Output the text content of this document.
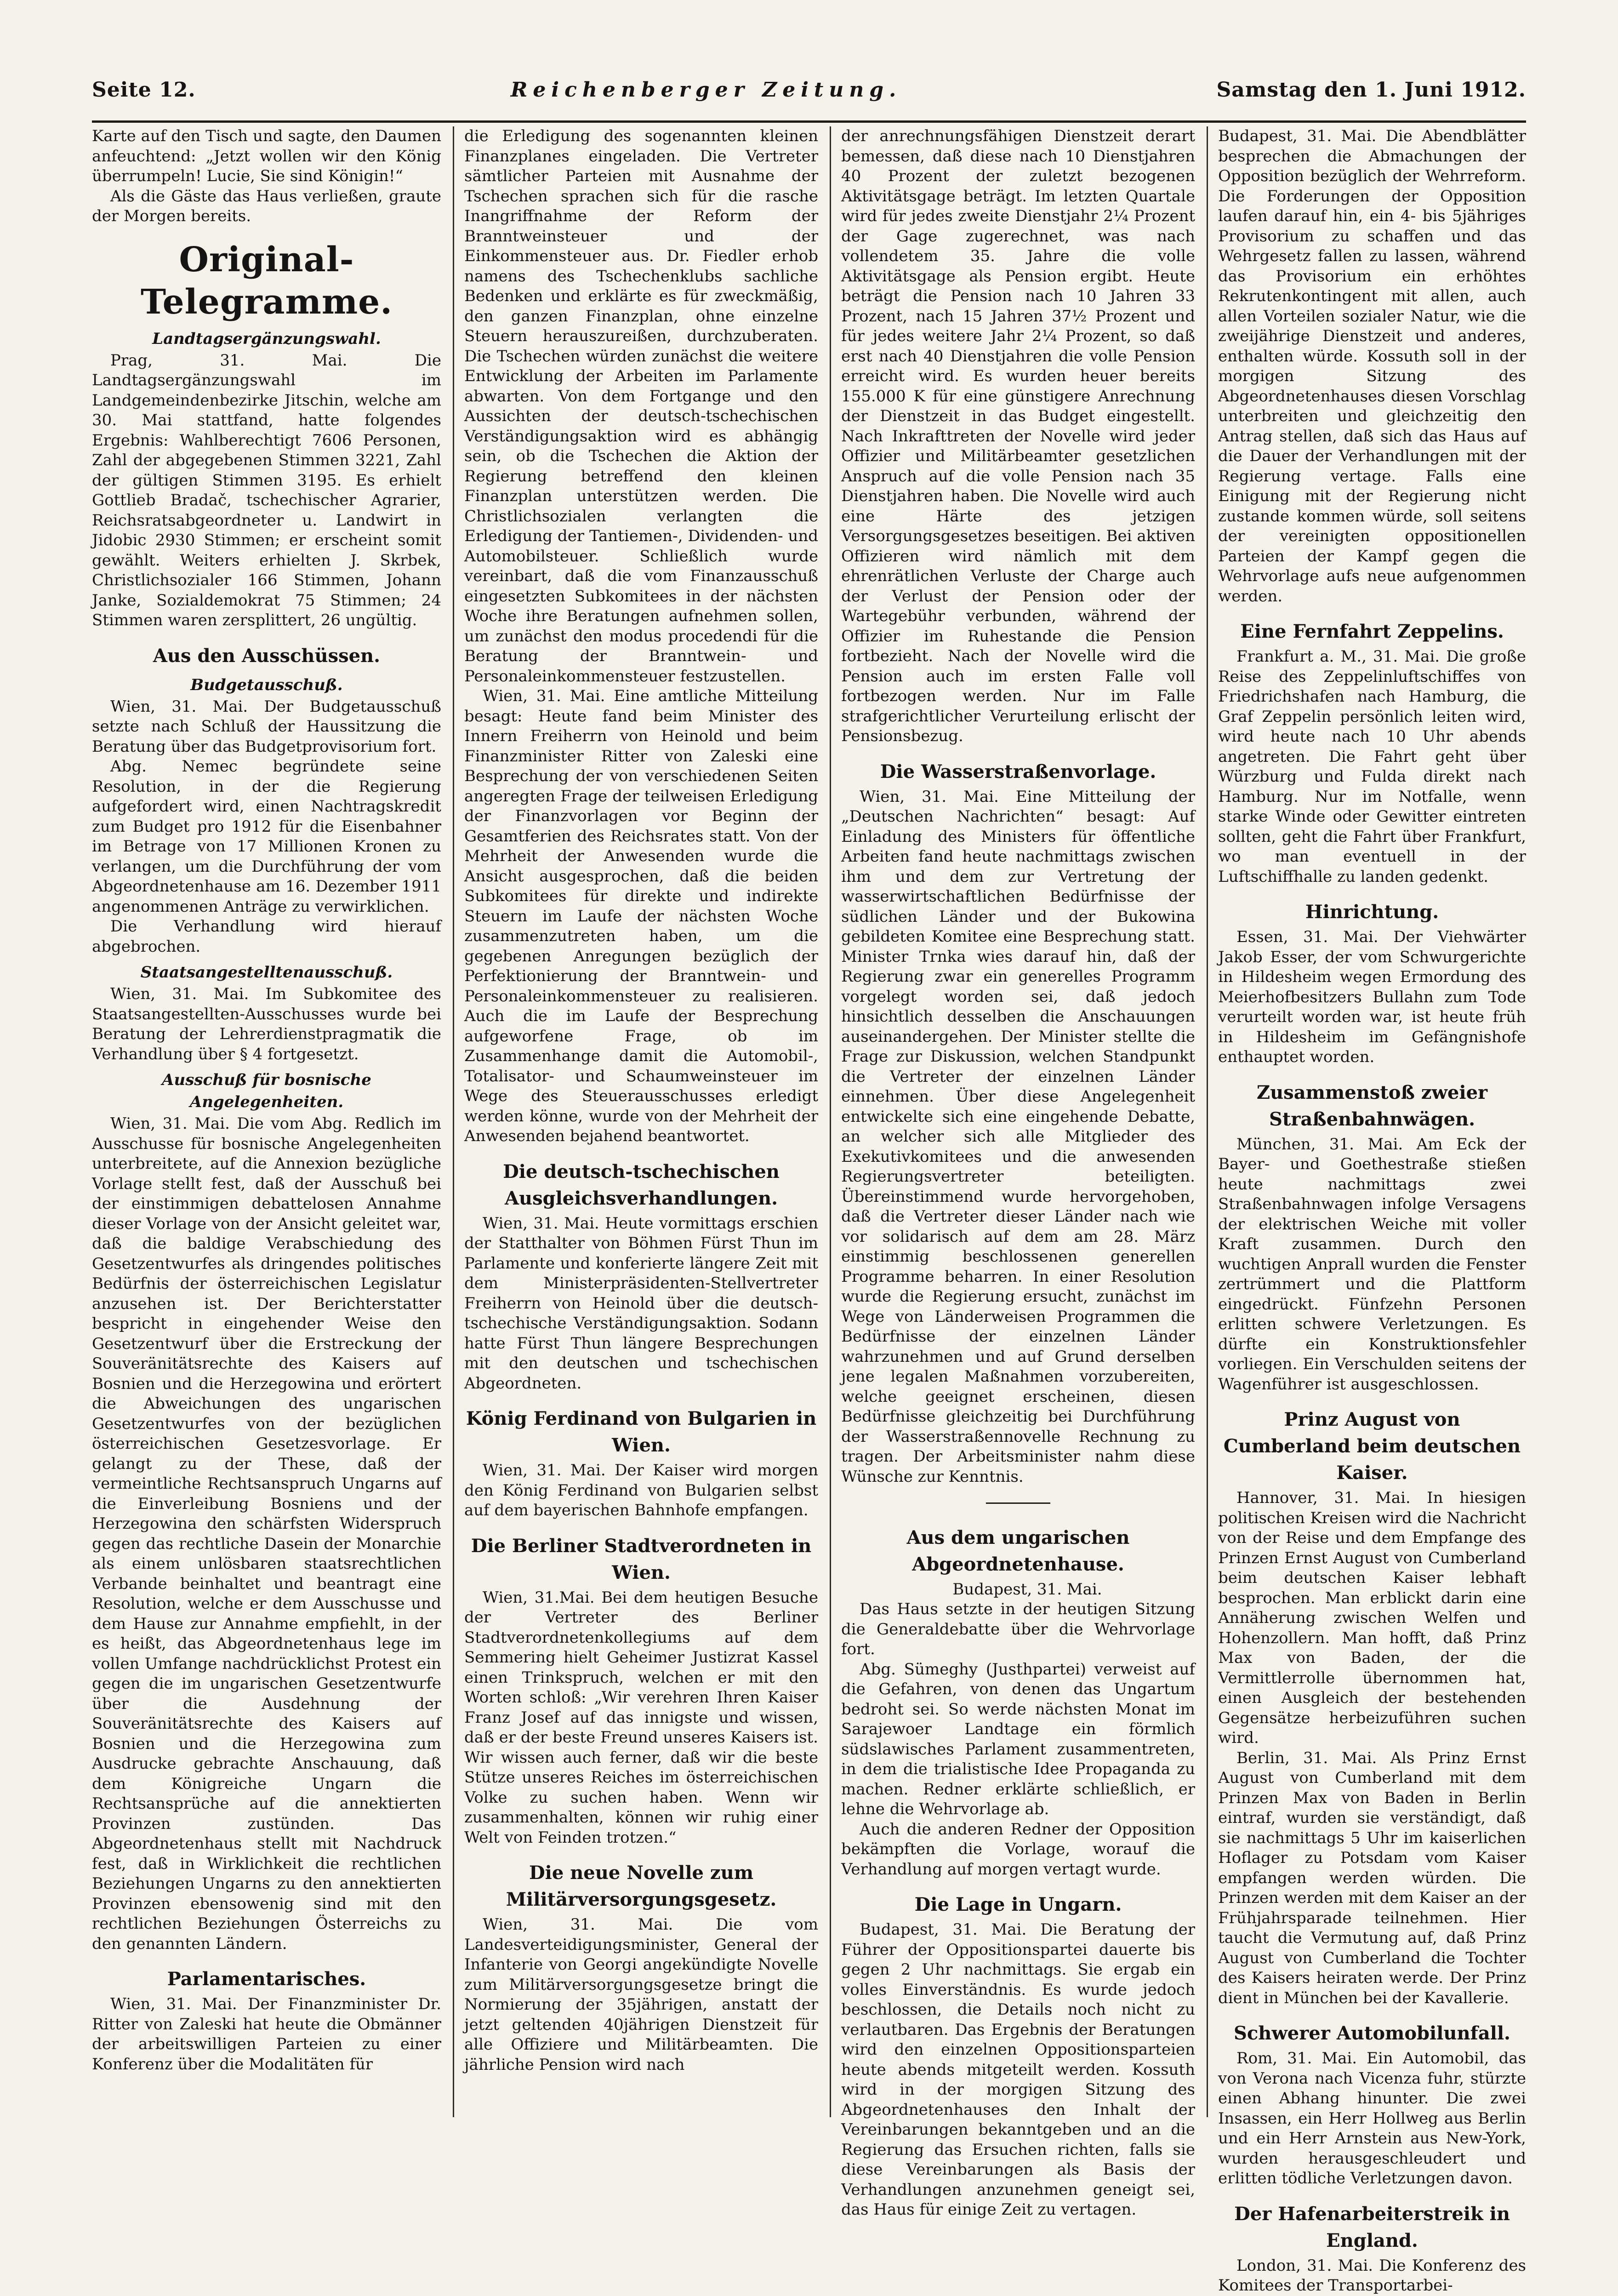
Seite 12.	Reichenberger Zeitung.	Samstag den 1. Juni 1912.

Karte auf den Tisch und sagte, den Daumen anfeuchtend: „Jetzt wollen wir den König überrumpeln! Lucie, Sie sind Königin!“

Als die Gäste das Haus verließen, graute der Morgen bereits.

Original-Telegramme.
Landtagsergänzungswahl.

Prag, 31. Mai. Die Landtagsergänzungswahl im Landgemeindenbezirke Jitschin, welche am 30. Mai stattfand, hatte folgendes Ergebnis: Wahlberechtigt 7606 Personen, Zahl der abgegebenen Stimmen 3221, Zahl der gültigen Stimmen 3195. Es erhielt Gottlieb Bradač, tschechischer Agrarier, Reichsratsabgeordneter u. Landwirt in Jidobic 2930 Stimmen; er erscheint somit gewählt. Weiters erhielten J. Skrbek, Christlichsozialer 166 Stimmen, Johann Janke, Sozialdemokrat 75 Stimmen; 24 Stimmen waren zersplittert, 26 ungültig.

Aus den Ausschüssen.
Budgetausschuß.

Wien, 31. Mai. Der Budgetausschuß setzte nach Schluß der Haussitzung die Beratung über das Budgetprovisorium fort.

Abg. Nemec begründete seine Resolution, in der die Regierung aufgefordert wird, einen Nachtragskredit zum Budget pro 1912 für die Eisenbahner im Betrage von 17 Millionen Kronen zu verlangen, um die Durchführung der vom Abgeordnetenhause am 16. Dezember 1911 angenommenen Anträge zu verwirklichen.

Die Verhandlung wird hierauf abgebrochen.

Staatsangestelltenausschuß.

Wien, 31. Mai. Im Subkomitee des Staatsangestellten-Ausschusses wurde bei Beratung der Lehrerdienstpragmatik die Verhandlung über § 4 fortgesetzt.

Ausschuß für bosnische Angelegenheiten.

Wien, 31. Mai. Die vom Abg. Redlich im Ausschusse für bosnische Angelegenheiten unterbreitete, auf die Annexion bezügliche Vorlage stellt fest, daß der Ausschuß bei der einstimmigen debattelosen Annahme dieser Vorlage von der Ansicht geleitet war, daß die baldige Verabschiedung des Gesetzentwurfes als dringendes politisches Bedürfnis der österreichischen Legislatur anzusehen ist. Der Berichterstatter bespricht in eingehender Weise den Gesetzentwurf über die Erstreckung der Souveränitätsrechte des Kaisers auf Bosnien und die Herzegowina und erörtert die Abweichungen des ungarischen Gesetzentwurfes von der bezüglichen österreichischen Gesetzesvorlage. Er gelangt zu der These, daß der vermeintliche Rechtsanspruch Ungarns auf die Einverleibung Bosniens und der Herzegowina den schärfsten Widerspruch gegen das rechtliche Dasein der Monarchie als einem unlösbaren staatsrechtlichen Verbande beinhaltet und beantragt eine Resolution, welche er dem Ausschusse und dem Hause zur Annahme empfiehlt, in der es heißt, das Abgeordnetenhaus lege im vollen Umfange nachdrücklichst Protest ein gegen die im ungarischen Gesetzentwurfe über die Ausdehnung der Souveränitätsrechte des Kaisers auf Bosnien und die Herzegowina zum Ausdrucke gebrachte Anschauung, daß dem Königreiche Ungarn die Rechtsansprüche auf die annektierten Provinzen zustünden. Das Abgeordnetenhaus stellt mit Nachdruck fest, daß in Wirklichkeit die rechtlichen Beziehungen Ungarns zu den annektierten Provinzen ebensowenig sind mit den rechtlichen Beziehungen Österreichs zu den genannten Ländern.

Parlamentarisches.

Wien, 31. Mai. Der Finanzminister Dr. Ritter von Zaleski hat heute die Obmänner der arbeitswilligen Parteien zu einer Konferenz über die Modalitäten für

die Erledigung des sogenannten kleinen Finanzplanes eingeladen. Die Vertreter sämtlicher Parteien mit Ausnahme der Tschechen sprachen sich für die rasche Inangriffnahme der Reform der Branntweinsteuer und der Einkommensteuer aus. Dr. Fiedler erhob namens des Tschechenklubs sachliche Bedenken und erklärte es für zweckmäßig, den ganzen Finanzplan, ohne einzelne Steuern herauszureißen, durchzuberaten. Die Tschechen würden zunächst die weitere Entwicklung der Arbeiten im Parlamente abwarten. Von dem Fortgange und den Aussichten der deutsch-tschechischen Verständigungsaktion wird es abhängig sein, ob die Tschechen die Aktion der Regierung betreffend den kleinen Finanzplan unterstützen werden. Die Christlichsozialen verlangten die Erledigung der Tantiemen-, Dividenden- und Automobilsteuer. Schließlich wurde vereinbart, daß die vom Finanzausschuß eingesetzten Subkomitees in der nächsten Woche ihre Beratungen aufnehmen sollen, um zunächst den modus procedendi für die Beratung der Branntwein- und Personaleinkommensteuer festzustellen.

Wien, 31. Mai. Eine amtliche Mitteilung besagt: Heute fand beim Minister des Innern Freiherrn von Heinold und beim Finanzminister Ritter von Zaleski eine Besprechung der von verschiedenen Seiten angeregten Frage der teilweisen Erledigung der Finanzvorlagen vor Beginn der Gesamtferien des Reichsrates statt. Von der Mehrheit der Anwesenden wurde die Ansicht ausgesprochen, daß die beiden Subkomitees für direkte und indirekte Steuern im Laufe der nächsten Woche zusammenzutreten haben, um die gegebenen Anregungen bezüglich der Perfektionierung der Branntwein- und Personaleinkommensteuer zu realisieren. Auch die im Laufe der Besprechung aufgeworfene Frage, ob im Zusammenhange damit die Automobil-, Totalisator- und Schaumweinsteuer im Wege des Steuerausschusses erledigt werden könne, wurde von der Mehrheit der Anwesenden bejahend beantwortet.

Die deutsch-tschechischen Ausgleichsverhandlungen.

Wien, 31. Mai. Heute vormittags erschien der Statthalter von Böhmen Fürst Thun im Parlamente und konferierte längere Zeit mit dem Ministerpräsidenten-Stellvertreter Freiherrn von Heinold über die deutsch-tschechische Verständigungsaktion. Sodann hatte Fürst Thun längere Besprechungen mit den deutschen und tschechischen Abgeordneten.

König Ferdinand von Bulgarien in Wien.

Wien, 31. Mai. Der Kaiser wird morgen den König Ferdinand von Bulgarien selbst auf dem bayerischen Bahnhofe empfangen.

Die Berliner Stadtverordneten in Wien.

Wien, 31.Mai. Bei dem heutigen Besuche der Vertreter des Berliner Stadtverordnetenkollegiums auf dem Semmering hielt Geheimer Justizrat Kassel einen Trinkspruch, welchen er mit den Worten schloß: „Wir verehren Ihren Kaiser Franz Josef auf das innigste und wissen, daß er der beste Freund unseres Kaisers ist. Wir wissen auch ferner, daß wir die beste Stütze unseres Reiches im österreichischen Volke zu suchen haben. Wenn wir zusammenhalten, können wir ruhig einer Welt von Feinden trotzen.“

Die neue Novelle zum Militärversorgungsgesetz.

Wien, 31. Mai. Die vom Landesverteidigungsminister, General der Infanterie von Georgi angekündigte Novelle zum Militärversorgungsgesetze bringt die Normierung der 35jährigen, anstatt der jetzt geltenden 40jährigen Dienstzeit für alle Offiziere und Militärbeamten. Die jährliche Pension wird nach

der anrechnungsfähigen Dienstzeit derart bemessen, daß diese nach 10 Dienstjahren 40 Prozent der zuletzt bezogenen Aktivitätsgage beträgt. Im letzten Quartale wird für jedes zweite Dienstjahr 2¼ Prozent der Gage zugerechnet, was nach vollendetem 35. Jahre die volle Aktivitätsgage als Pension ergibt. Heute beträgt die Pension nach 10 Jahren 33 Prozent, nach 15 Jahren 37½ Prozent und für jedes weitere Jahr 2¼ Prozent, so daß erst nach 40 Dienstjahren die volle Pension erreicht wird. Es wurden heuer bereits 155.000 K für eine günstigere Anrechnung der Dienstzeit in das Budget eingestellt. Nach Inkrafttreten der Novelle wird jeder Offizier und Militärbeamter gesetzlichen Anspruch auf die volle Pension nach 35 Dienstjahren haben. Die Novelle wird auch eine Härte des jetzigen Versorgungsgesetzes beseitigen. Bei aktiven Offizieren wird nämlich mit dem ehrenrätlichen Verluste der Charge auch der Verlust der Pension oder der Wartegebühr verbunden, während der Offizier im Ruhestande die Pension fortbezieht. Nach der Novelle wird die Pension auch im ersten Falle voll fortbezogen werden. Nur im Falle strafgerichtlicher Verurteilung erlischt der Pensionsbezug.

Die Wasserstraßenvorlage.

Wien, 31. Mai. Eine Mitteilung der „Deutschen Nachrichten“ besagt: Auf Einladung des Ministers für öffentliche Arbeiten fand heute nachmittags zwischen ihm und dem zur Vertretung der wasserwirtschaftlichen Bedürfnisse der südlichen Länder und der Bukowina gebildeten Komitee eine Besprechung statt. Minister Trnka wies darauf hin, daß der Regierung zwar ein generelles Programm vorgelegt worden sei, daß jedoch hinsichtlich desselben die Anschauungen auseinandergehen. Der Minister stellte die Frage zur Diskussion, welchen Standpunkt die Vertreter der einzelnen Länder einnehmen. Über diese Angelegenheit entwickelte sich eine eingehende Debatte, an welcher sich alle Mitglieder des Exekutivkomitees und die anwesenden Regierungsvertreter beteiligten. Übereinstimmend wurde hervorgehoben, daß die Vertreter dieser Länder nach wie vor solidarisch auf dem am 28. März einstimmig beschlossenen generellen Programme beharren. In einer Resolution wurde die Regierung ersucht, zunächst im Wege von Länderweisen Programmen die Bedürfnisse der einzelnen Länder wahrzunehmen und auf Grund derselben jene legalen Maßnahmen vorzubereiten, welche geeignet erscheinen, diesen Bedürfnisse gleichzeitig bei Durchführung der Wasserstraßennovelle Rechnung zu tragen. Der Arbeitsminister nahm diese Wünsche zur Kenntnis.

Aus dem ungarischen Abgeordnetenhause.

Budapest, 31. Mai.

Das Haus setzte in der heutigen Sitzung die Generaldebatte über die Wehrvorlage fort.

Abg. Sümeghy (Justhpartei) verweist auf die Gefahren, von denen das Ungartum bedroht sei. So werde nächsten Monat im Sarajewoer Landtage ein förmlich südslawisches Parlament zusammentreten, in dem die trialistische Idee Propaganda zu machen. Redner erklärte schließlich, er lehne die Wehrvorlage ab.

Auch die anderen Redner der Opposition bekämpften die Vorlage, worauf die Verhandlung auf morgen vertagt wurde.

Die Lage in Ungarn.

Budapest, 31. Mai. Die Beratung der Führer der Oppositionspartei dauerte bis gegen 2 Uhr nachmittags. Sie ergab ein volles Einverständnis. Es wurde jedoch beschlossen, die Details noch nicht zu verlautbaren. Das Ergebnis der Beratungen wird den einzelnen Oppositionsparteien heute abends mitgeteilt werden. Kossuth wird in der morgigen Sitzung des Abgeordnetenhauses den Inhalt der Vereinbarungen bekanntgeben und an die Regierung das Ersuchen richten, falls sie diese Vereinbarungen als Basis der Verhandlungen anzunehmen geneigt sei, das Haus für einige Zeit zu vertagen.

Budapest, 31. Mai. Die Abendblätter besprechen die Abmachungen der Opposition bezüglich der Wehrreform. Die Forderungen der Opposition laufen darauf hin, ein 4- bis 5jähriges Provisorium zu schaffen und das Wehrgesetz fallen zu lassen, während das Provisorium ein erhöhtes Rekrutenkontingent mit allen, auch allen Vorteilen sozialer Natur, wie die zweijährige Dienstzeit und anderes, enthalten würde. Kossuth soll in der morgigen Sitzung des Abgeordnetenhauses diesen Vorschlag unterbreiten und gleichzeitig den Antrag stellen, daß sich das Haus auf die Dauer der Verhandlungen mit der Regierung vertage. Falls eine Einigung mit der Regierung nicht zustande kommen würde, soll seitens der vereinigten oppositionellen Parteien der Kampf gegen die Wehrvorlage aufs neue aufgenommen werden.

Eine Fernfahrt Zeppelins.

Frankfurt a. M., 31. Mai. Die große Reise des Zeppelinluftschiffes von Friedrichshafen nach Hamburg, die Graf Zeppelin persönlich leiten wird, wird heute nach 10 Uhr abends angetreten. Die Fahrt geht über Würzburg und Fulda direkt nach Hamburg. Nur im Notfalle, wenn starke Winde oder Gewitter eintreten sollten, geht die Fahrt über Frankfurt, wo man eventuell in der Luftschiffhalle zu landen gedenkt.

Hinrichtung.

Essen, 31. Mai. Der Viehwärter Jakob Esser, der vom Schwurgerichte in Hildesheim wegen Ermordung des Meierhofbesitzers Bullahn zum Tode verurteilt worden war, ist heute früh in Hildesheim im Gefängnishofe enthauptet worden.

Zusammenstoß zweier Straßenbahnwägen.

München, 31. Mai. Am Eck der Bayer- und Goethestraße stießen heute nachmittags zwei Straßenbahnwagen infolge Versagens der elektrischen Weiche mit voller Kraft zusammen. Durch den wuchtigen Anprall wurden die Fenster zertrümmert und die Plattform eingedrückt. Fünfzehn Personen erlitten schwere Verletzungen. Es dürfte ein Konstruktionsfehler vorliegen. Ein Verschulden seitens der Wagenführer ist ausgeschlossen.

Prinz August von Cumberland beim deutschen Kaiser.

Hannover, 31. Mai. In hiesigen politischen Kreisen wird die Nachricht von der Reise und dem Empfange des Prinzen Ernst August von Cumberland beim deutschen Kaiser lebhaft besprochen. Man erblickt darin eine Annäherung zwischen Welfen und Hohenzollern. Man hofft, daß Prinz Max von Baden, der die Vermittlerrolle übernommen hat, einen Ausgleich der bestehenden Gegensätze herbeizuführen suchen wird.

Berlin, 31. Mai. Als Prinz Ernst August von Cumberland mit dem Prinzen Max von Baden in Berlin eintraf, wurden sie verständigt, daß sie nachmittags 5 Uhr im kaiserlichen Hoflager zu Potsdam vom Kaiser empfangen werden würden. Die Prinzen werden mit dem Kaiser an der Frühjahrsparade teilnehmen. Hier taucht die Vermutung auf, daß Prinz August von Cumberland die Tochter des Kaisers heiraten werde. Der Prinz dient in München bei der Kavallerie.

Schwerer Automobilunfall.

Rom, 31. Mai. Ein Automobil, das von Verona nach Vicenza fuhr, stürzte einen Abhang hinunter. Die zwei Insassen, ein Herr Hollweg aus Berlin und ein Herr Arnstein aus New-York, wurden herausgeschleudert und erlitten tödliche Verletzungen davon.

Der Hafenarbeiterstreik in England.

London, 31. Mai. Die Konferenz des Komitees der Transportarbei-
